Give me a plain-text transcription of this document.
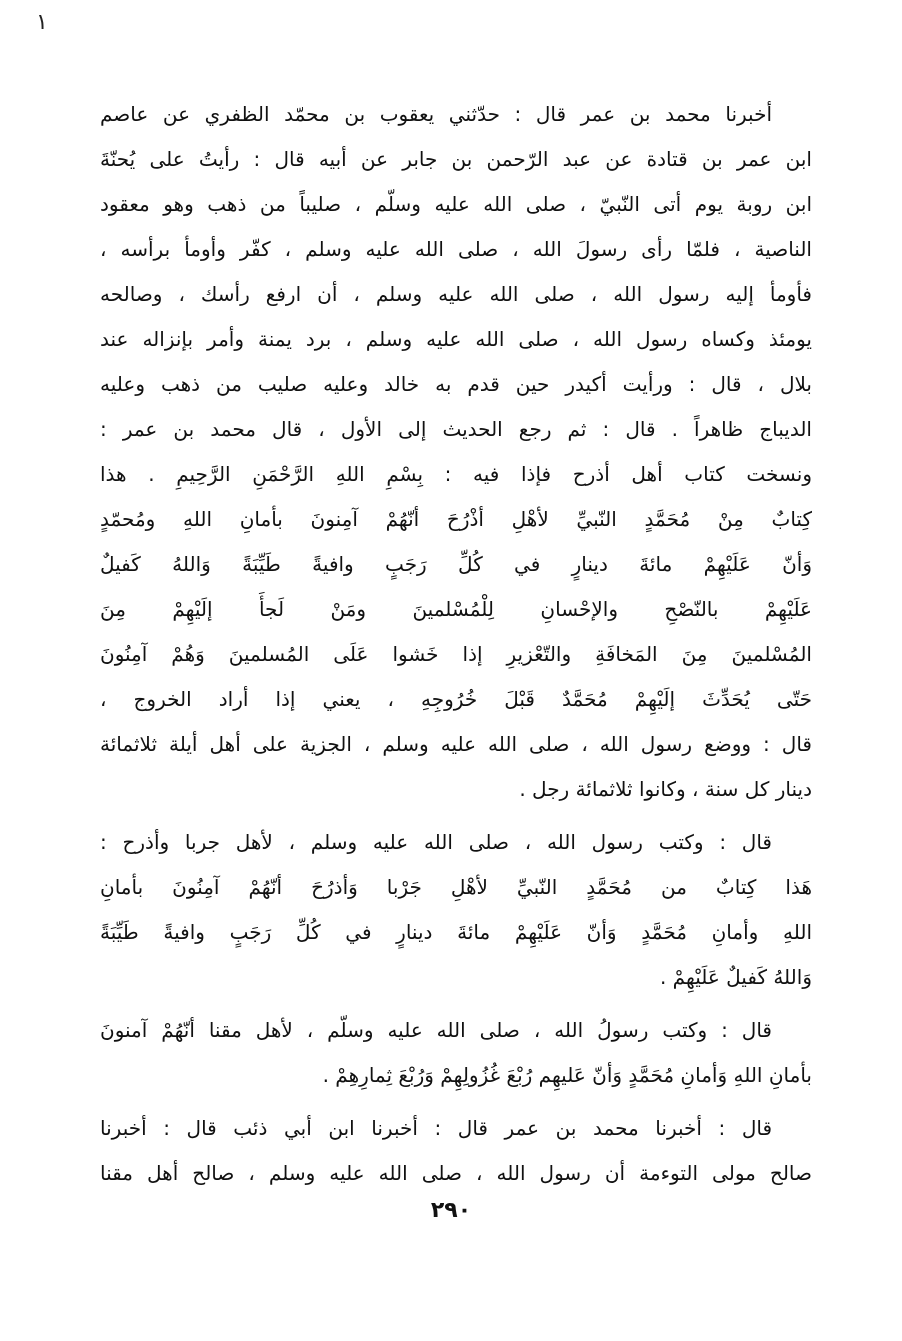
١
أخبرنا محمد بن عمر قال : حدّثني يعقوب بن محمّد الظفري عن عاصم
ابن عمر بن قتادة عن عبد الرّحمن بن جابر عن أبيه قال : رأيتُ على يُحنّةَ
ابن روبة يوم أتى النّبيّ ، صلى الله عليه وسلّم ، صليباً من ذهب وهو معقود
الناصية ، فلمّا رأى رسولَ الله ، صلى الله عليه وسلم ، كفّر وأومأ برأسه ،
فأومأ إليه رسول الله ، صلى الله عليه وسلم ، أن ارفع رأسك ، وصالحه
يومئذ وكساه رسول الله ، صلى الله عليه وسلم ، برد يمنة وأمر بإنزاله عند
بلال ، قال : ورأيت أكيدر حين قدم به خالد وعليه صليب من ذهب وعليه
الديباج ظاهراً . قال : ثم رجع الحديث إلى الأول ، قال محمد بن عمر :
ونسخت كتاب أهل أذرح فإذا فيه : بِسْمِ اللهِ الرَّحْمَنِ الرَّحِيمِ . هذا
كِتابٌ مِنْ مُحَمَّدٍ النّبيِّ لأهْلِ أذْرُحَ أنّهُمْ آمِنونَ بأمانِ اللهِ ومُحمّدٍ
وَأنّ عَلَيْهِمْ مائةَ دينارٍ في كُلِّ رَجَبٍ وافيةً طَيِّبَةً وَاللهُ كَفيلٌ
عَلَيْهِمْ بالنّصْحِ والإحْسانِ لِلْمُسْلمينَ ومَنْ لَجأَ إلَيْهِمْ مِنَ
المُسْلمينَ مِنَ المَخافَةِ والتّعْزيرِ إذا خَشوا عَلَى المُسلمينَ وَهُمْ آمِنُونَ
حَتّى يُحَدِّثَ إلَيْهِمْ مُحَمَّدٌ قَبْلَ خُرُوجِهِ ، يعني إذا أراد الخروج ،
قال : ووضع رسول الله ، صلى الله عليه وسلم ، الجزية على أهل أيلة ثلاثمائة
دينار كل سنة ، وكانوا ثلاثمائة رجل .
قال : وكتب رسول الله ، صلى الله عليه وسلم ، لأهل جربا وأذرح :
هَذا كِتابٌ من مُحَمَّدٍ النّبيِّ لأهْلِ جَرْبا وَأذرُحَ أنّهُمْ آمِنُونَ بأمانِ
اللهِ وأمانِ مُحَمَّدٍ وَأنّ عَلَيْهِمْ مائةَ دينارٍ في كُلِّ رَجَبٍ وافيةً طَيِّبَةً
وَاللهُ كَفيلٌ عَلَيْهِمْ .
قال : وكتب رسولُ الله ، صلى الله عليه وسلّم ، لأهل مقنا أنّهُمْ آمنونَ
بأمانِ اللهِ وَأمانِ مُحَمَّدٍ وَأنّ عَليهِم رُبْعَ غُزُولِهِمْ وَرُبْعَ ثِمارِهِمْ .
قال : أخبرنا محمد بن عمر قال : أخبرنا ابن أبي ذئب قال : أخبرنا
صالح مولى التوءمة أن رسول الله ، صلى الله عليه وسلم ، صالح أهل مقنا
٢٩٠
